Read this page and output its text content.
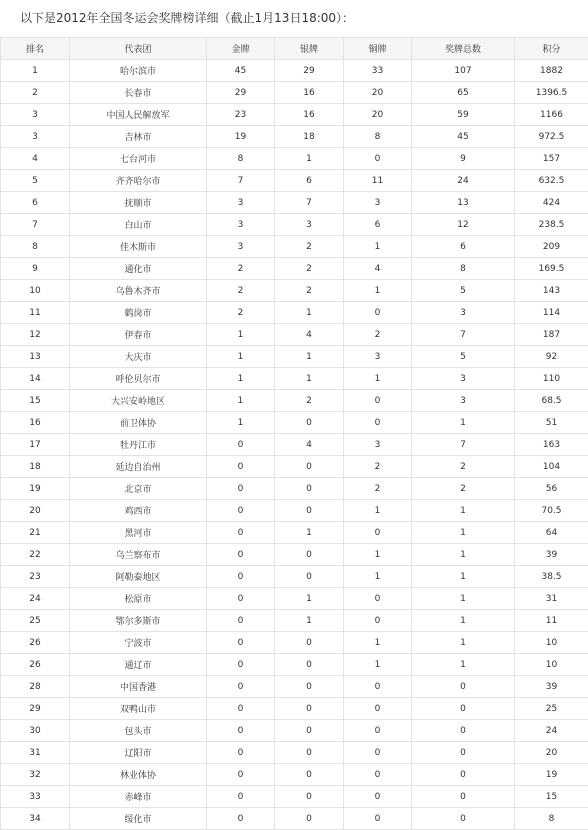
以下是2012年全国冬运会奖牌榜详细（截止1月13日18:00）：
排名	代表团	金牌	银牌	铜牌	奖牌总数	积分
1	哈尔滨市	45	29	33	107	1882
2	长春市	29	16	20	65	1396.5
3	中国人民解放军	23	16	20	59	1166
3	吉林市	19	18	8	45	972.5
4	七台河市	8	1	0	9	157
5	齐齐哈尔市	7	6	11	24	632.5
6	抚顺市	3	7	3	13	424
7	白山市	3	3	6	12	238.5
8	佳木斯市	3	2	1	6	209
9	通化市	2	2	4	8	169.5
10	乌鲁木齐市	2	2	1	5	143
11	鹤岗市	2	1	0	3	114
12	伊春市	1	4	2	7	187
13	大庆市	1	1	3	5	92
14	呼伦贝尔市	1	1	1	3	110
15	大兴安岭地区	1	2	0	3	68.5
16	前卫体协	1	0	0	1	51
17	牡丹江市	0	4	3	7	163
18	延边自治州	0	0	2	2	104
19	北京市	0	0	2	2	56
20	鸡西市	0	0	1	1	70.5
21	黑河市	0	1	0	1	64
22	乌兰察布市	0	0	1	1	39
23	阿勒泰地区	0	0	1	1	38.5
24	松原市	0	1	0	1	31
25	鄂尔多斯市	0	1	0	1	11
26	宁波市	0	0	1	1	10
26	通辽市	0	0	1	1	10
28	中国香港	0	0	0	0	39
29	双鸭山市	0	0	0	0	25
30	包头市	0	0	0	0	24
31	辽阳市	0	0	0	0	20
32	林业体协	0	0	0	0	19
33	赤峰市	0	0	0	0	15
34	绥化市	0	0	0	0	8
